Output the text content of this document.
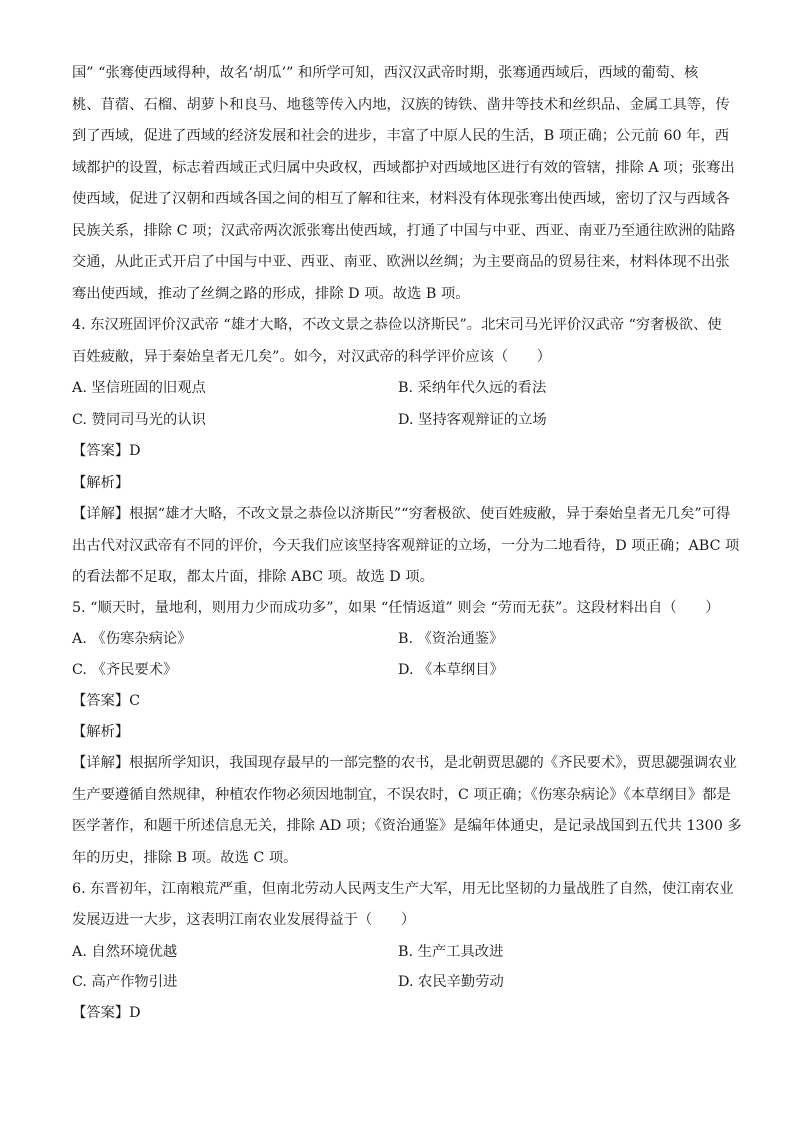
国” “张骞使西域得种，故名‘胡瓜’” 和所学可知，西汉汉武帝时期，张骞通西域后，西域的葡萄、核
桃、苜蓿、石榴、胡萝卜和良马、地毯等传入内地，汉族的铸铁、凿井等技术和丝织品、金属工具等，传
到了西域，促进了西域的经济发展和社会的进步，丰富了中原人民的生活，B 项正确；公元前 60 年，西
域都护的设置，标志着西域正式归属中央政权，西域都护对西域地区进行有效的管辖，排除 A 项；张骞出
使西域，促进了汉朝和西域各国之间的相互了解和往来，材料没有体现张骞出使西域，密切了汉与西域各
民族关系，排除 C 项；汉武帝两次派张骞出使西域，打通了中国与中亚、西亚、南亚乃至通往欧洲的陆路
交通，从此正式开启了中国与中亚、西亚、南亚、欧洲以丝绸；为主要商品的贸易往来，材料体现不出张
骞出使西域，推动了丝绸之路的形成，排除 D 项。故选 B 项。
4. 东汉班固评价汉武帝 “雄才大略，不改文景之恭俭以济斯民”。北宋司马光评价汉武帝 “穷奢极欲、使
百姓疲敝，异于秦始皇者无几矣”。如今，对汉武帝的科学评价应该（　　）
A. 坚信班固的旧观点	B. 采纳年代久远的看法
C. 赞同司马光的认识	D. 坚持客观辩证的立场
【答案】D
【解析】
【详解】根据“雄才大略，不改文景之恭俭以济斯民”“穷奢极欲、使百姓疲敝，异于秦始皇者无几矣”可得
出古代对汉武帝有不同的评价，今天我们应该坚持客观辩证的立场，一分为二地看待，D 项正确；ABC 项
的看法都不足取，都太片面，排除 ABC 项。故选 D 项。
5. “顺天时，量地利，则用力少而成功多”，如果 “任情返道” 则会 “劳而无获”。这段材料出自（　　）
A. 《伤寒杂病论》	B. 《资治通鉴》
C. 《齐民要术》	D. 《本草纲目》
【答案】C
【解析】
【详解】根据所学知识，我国现存最早的一部完整的农书，是北朝贾思勰的《齐民要术》，贾思勰强调农业
生产要遵循自然规律，种植农作物必须因地制宜，不误农时，C 项正确；《伤寒杂病论》《本草纲目》都是
医学著作，和题干所述信息无关，排除 AD 项；《资治通鉴》是编年体通史，是记录战国到五代共 1300 多
年的历史，排除 B 项。故选 C 项。
6. 东晋初年，江南粮荒严重，但南北劳动人民两支生产大军，用无比坚韧的力量战胜了自然，使江南农业
发展迈进一大步，这表明江南农业发展得益于（　　）
A. 自然环境优越	B. 生产工具改进
C. 高产作物引进	D. 农民辛勤劳动
【答案】D
